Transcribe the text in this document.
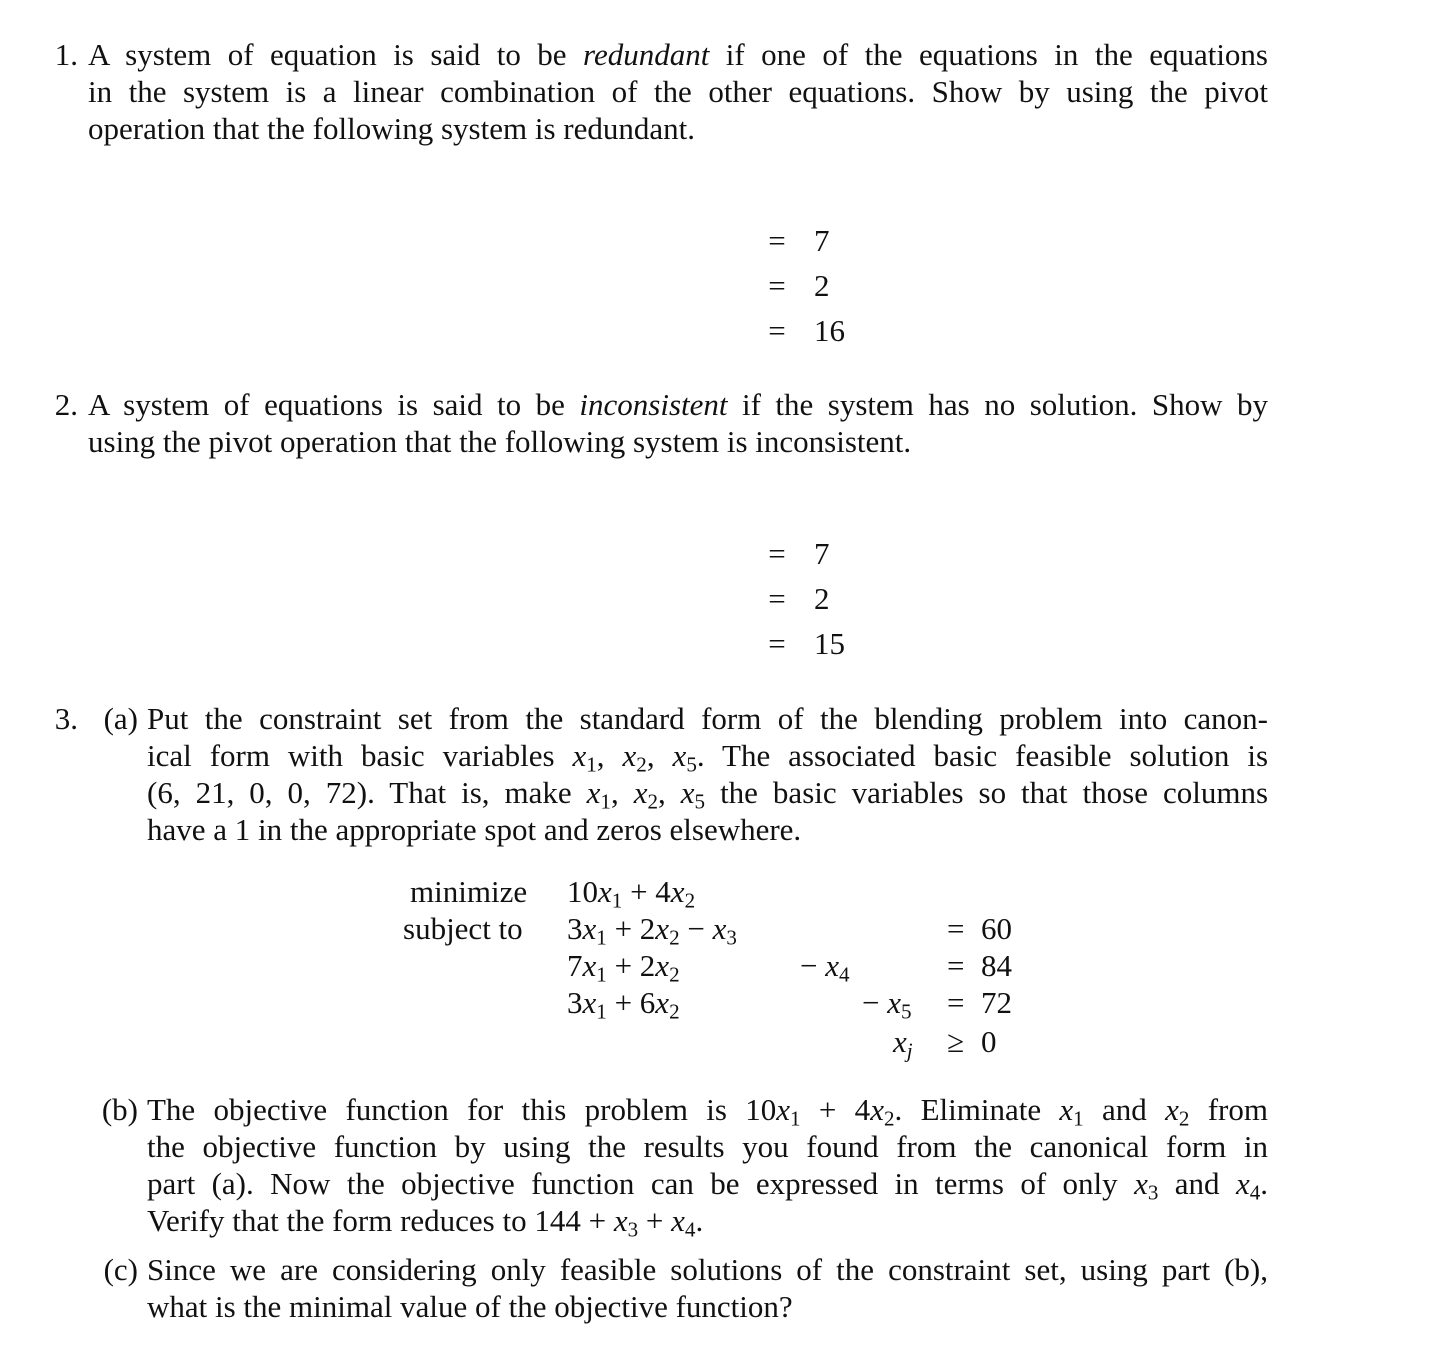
1. A system of equation is said to be redundant if one of the equations in the equations
in the system is a linear combination of the other equations. Show by using the pivot
operation that the following system is redundant.
= 7
= 2
= 16
2. A system of equations is said to be inconsistent if the system has no solution. Show by
using the pivot operation that the following system is inconsistent.
= 7
= 2
= 15
3. (a) Put the constraint set from the standard form of the blending problem into canon-
ical form with basic variables $x_1$, $x_2$, $x_5$. The associated basic feasible solution is
(6, 21, 0, 0, 72). That is, make $x_1$, $x_2$, $x_5$ the basic variables so that those columns
have a 1 in the appropriate spot and zeros elsewhere.
minimize $10x_1 + 4x_2$
subject to $3x_1 + 2x_2 - x_3$	= 60
$7x_1 + 2x_2$	− $x_4$	= 84
$3x_1 + 6x_2$	− $x_5 = 72$
$x_j \ge 0$
(b) The objective function for this problem is $10x_1 + 4x_2$. Eliminate $x_1$ and $x_2$ from
the objective function by using the results you found from the canonical form in
part (a). Now the objective function can be expressed in terms of only $x_3$ and $x_4$.
Verify that the form reduces to $144 + x_3 + x_4$.
(c) Since we are considering only feasible solutions of the constraint set, using part (b),
what is the minimal value of the objective function?
